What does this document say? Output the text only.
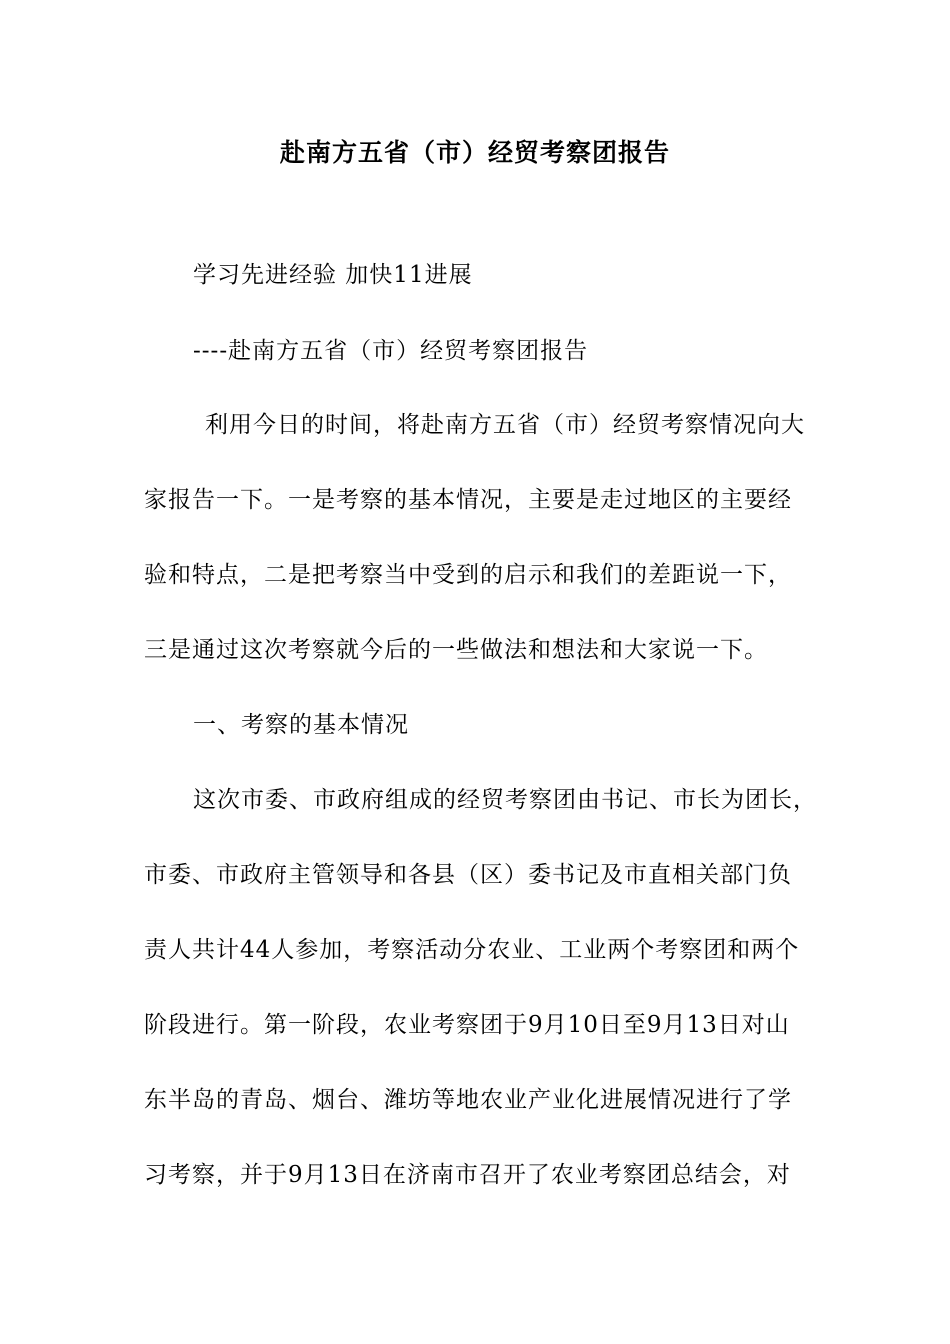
赴南方五省（市）经贸考察团报告
学习先进经验 加快11进展
----赴南方五省（市）经贸考察团报告
利用今日的时间，将赴南方五省（市）经贸考察情况向大
家报告一下。一是考察的基本情况，主要是走过地区的主要经
验和特点，二是把考察当中受到的启示和我们的差距说一下，
三是通过这次考察就今后的一些做法和想法和大家说一下。
一、考察的基本情况
这次市委、市政府组成的经贸考察团由书记、市长为团长，
市委、市政府主管领导和各县（区）委书记及市直相关部门负
责人共计44人参加，考察活动分农业、工业两个考察团和两个
阶段进行。第一阶段，农业考察团于9月10日至9月13日对山
东半岛的青岛、烟台、潍坊等地农业产业化进展情况进行了学
习考察，并于9月13日在济南市召开了农业考察团总结会，对
